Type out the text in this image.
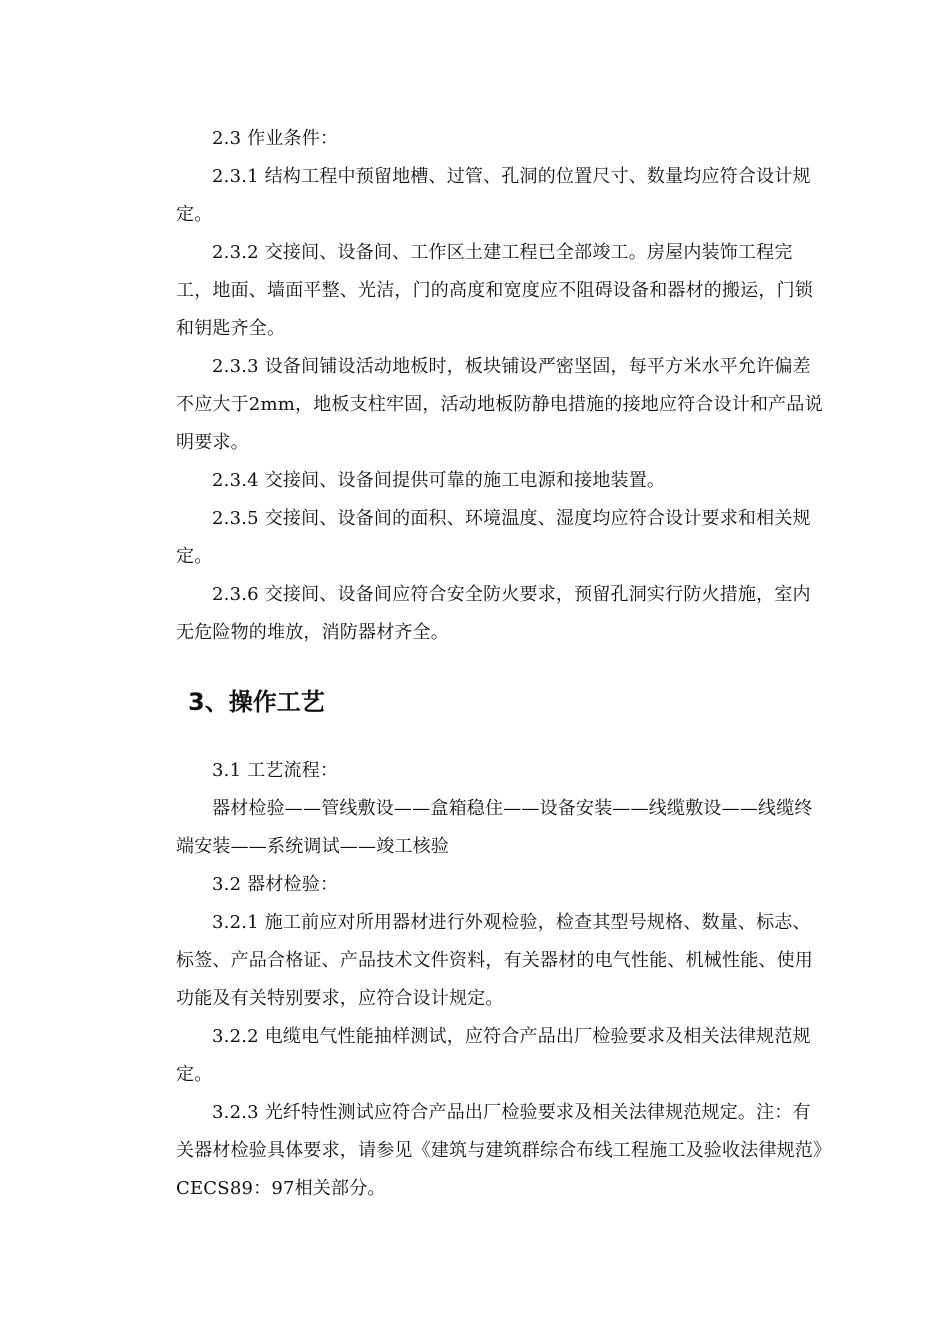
2.3 作业条件：

2.3.1 结构工程中预留地槽、过管、孔洞的位置尺寸、数量均应符合设计规定。

2.3.2 交接间、设备间、工作区土建工程已全部竣工。房屋内装饰工程完工，地面、墙面平整、光洁，门的高度和宽度应不阻碍设备和器材的搬运，门锁和钥匙齐全。

2.3.3 设备间铺设活动地板时，板块铺设严密坚固，每平方米水平允许偏差不应大于2mm，地板支柱牢固，活动地板防静电措施的接地应符合设计和产品说明要求。

2.3.4 交接间、设备间提供可靠的施工电源和接地装置。

2.3.5 交接间、设备间的面积、环境温度、湿度均应符合设计要求和相关规定。

2.3.6 交接间、设备间应符合安全防火要求，预留孔洞实行防火措施，室内无危险物的堆放，消防器材齐全。

3、操作工艺

3.1 工艺流程：

器材检验——管线敷设——盒箱稳住——设备安装——线缆敷设——线缆终端安装——系统调试——竣工核验

3.2 器材检验：

3.2.1 施工前应对所用器材进行外观检验，检查其型号规格、数量、标志、标签、产品合格证、产品技术文件资料，有关器材的电气性能、机械性能、使用功能及有关特别要求，应符合设计规定。

3.2.2 电缆电气性能抽样测试，应符合产品出厂检验要求及相关法律规范规定。

3.2.3 光纤特性测试应符合产品出厂检验要求及相关法律规范规定。注：有关器材检验具体要求，请参见《建筑与建筑群综合布线工程施工及验收法律规范》CECS89：97相关部分。
